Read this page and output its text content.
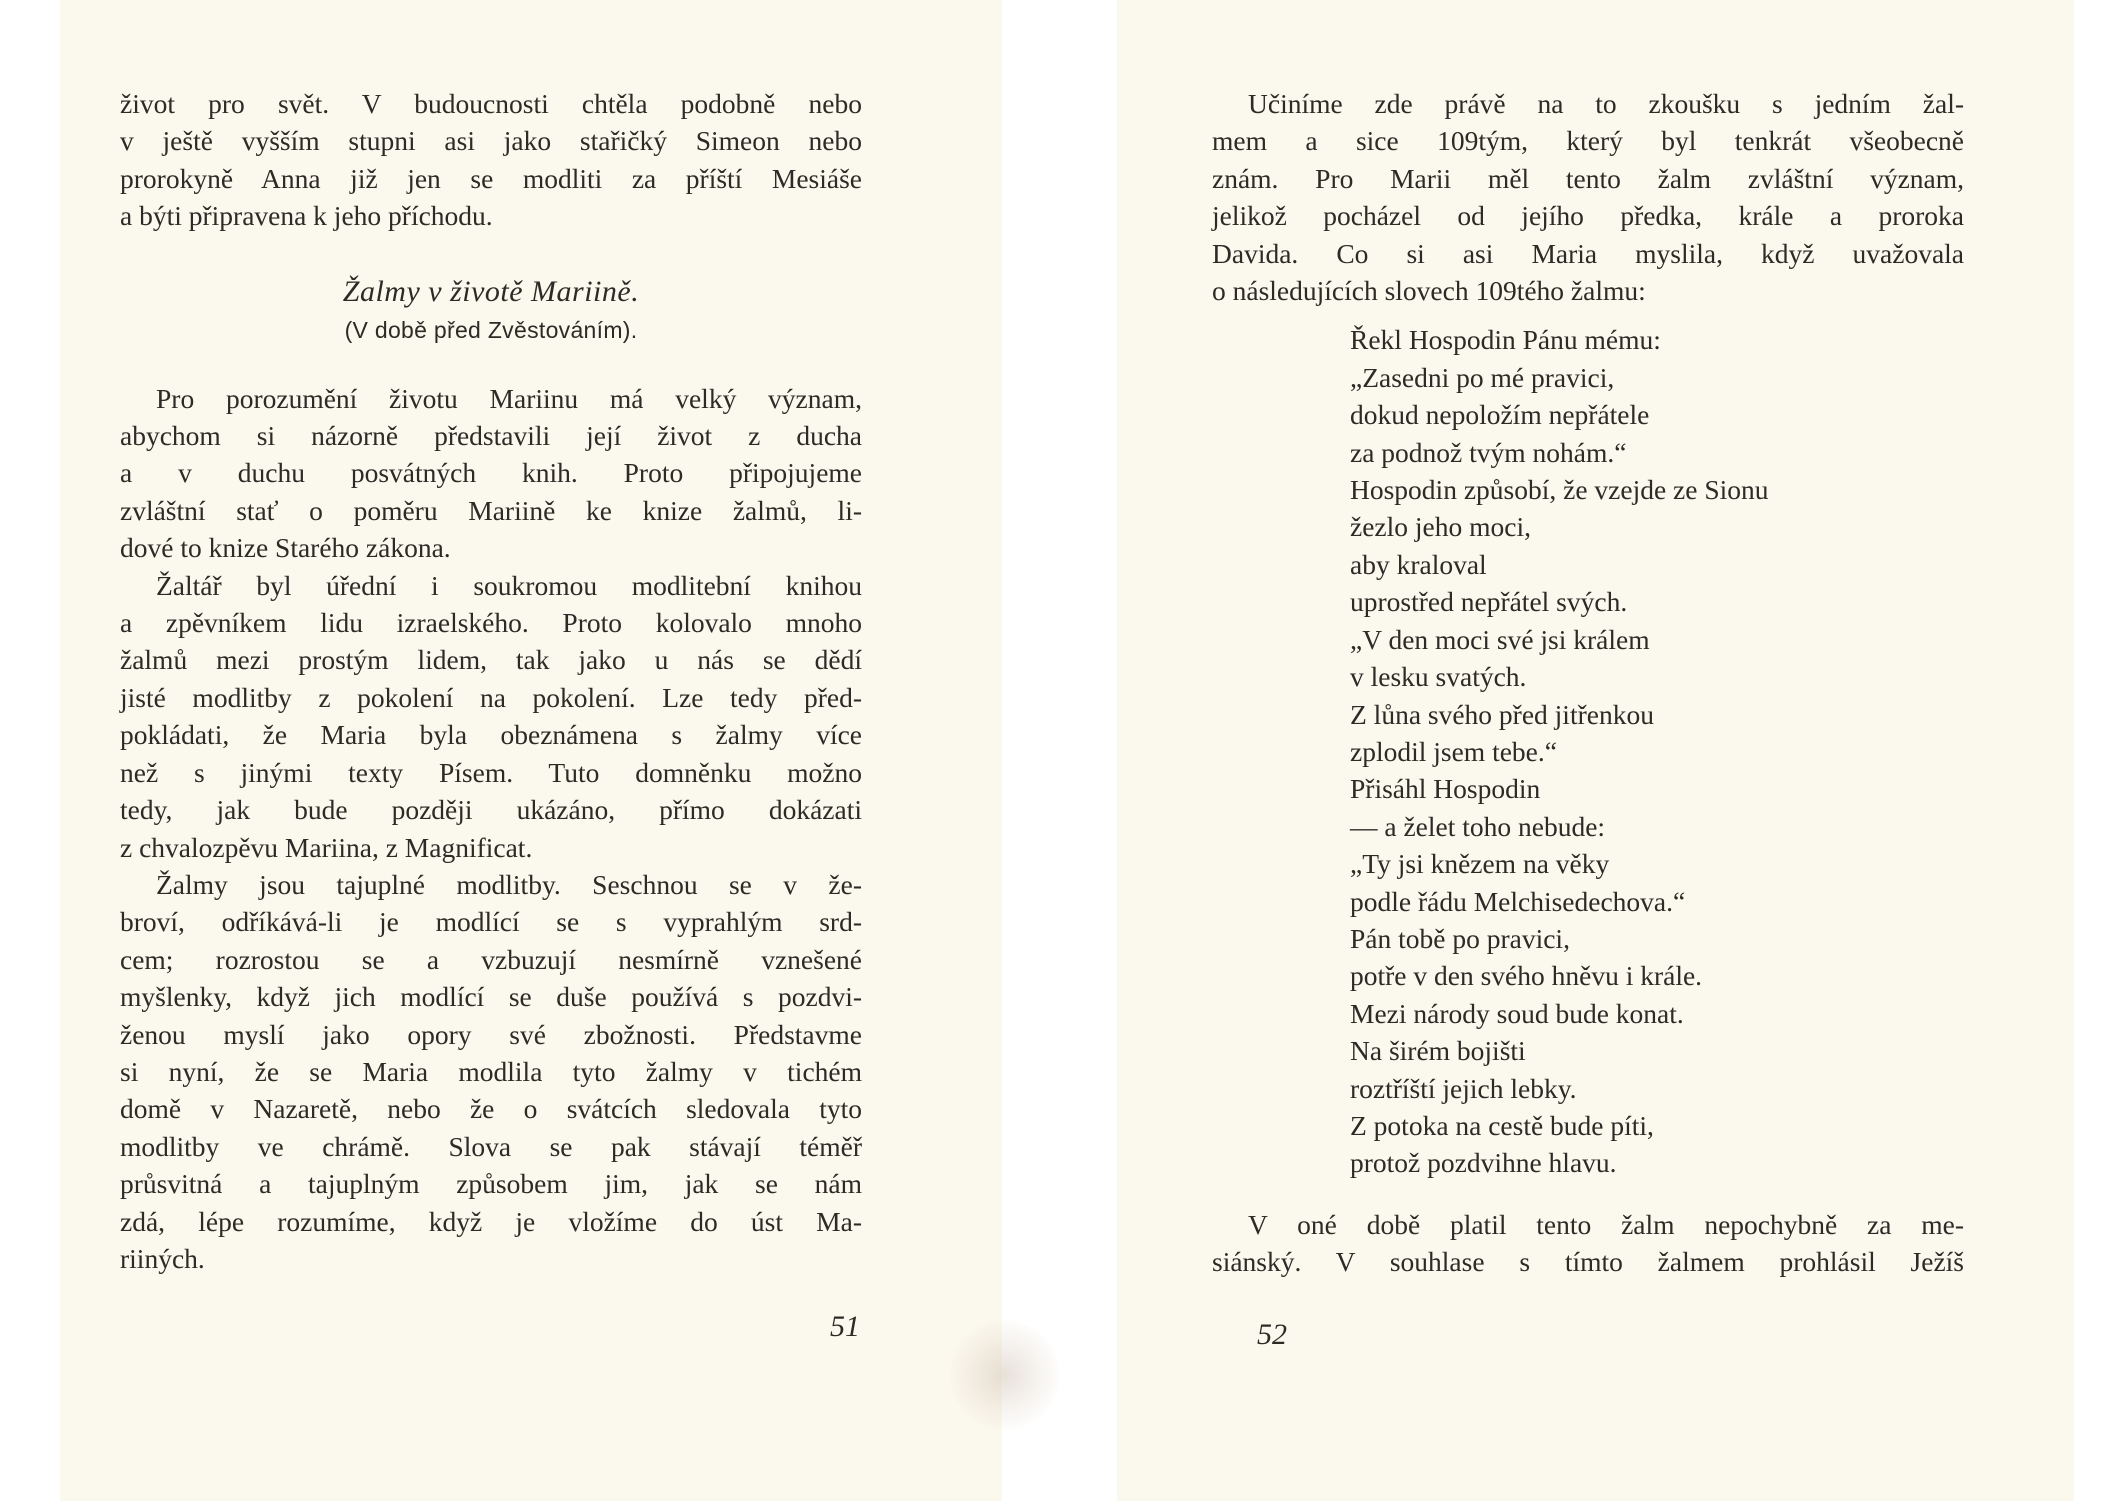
život pro svět. V budoucnosti chtěla podobně nebo
v ještě vyšším stupni asi jako stařičký Simeon nebo
prorokyně Anna již jen se modliti za příští Mesiáše
a býti připravena k jeho příchodu.

Žalmy v životě Mariině.
(V době před Zvěstováním).

Pro porozumění životu Mariinu má velký význam,
abychom si názorně představili její život z ducha
a v duchu posvátných knih. Proto připojujeme
zvláštní stať o poměru Mariině ke knize žalmů, li-
dové to knize Starého zákona.

Žaltář byl úřední i soukromou modlitební knihou
a zpěvníkem lidu izraelského. Proto kolovalo mnoho
žalmů mezi prostým lidem, tak jako u nás se dědí
jisté modlitby z pokolení na pokolení. Lze tedy před-
pokládati, že Maria byla obeznámena s žalmy více
než s jinými texty Písem. Tuto domněnku možno
tedy, jak bude později ukázáno, přímo dokázati
z chvalozpěvu Mariina, z Magnificat.

Žalmy jsou tajuplné modlitby. Seschnou se v že-
broví, odříkává-li je modlící se s vyprahlým srd-
cem; rozrostou se a vzbuzují nesmírně vznešené
myšlenky, když jich modlící se duše používá s pozdvi-
ženou myslí jako opory své zbožnosti. Představme
si nyní, že se Maria modlila tyto žalmy v tichém
domě v Nazaretě, nebo že o svátcích sledovala tyto
modlitby ve chrámě. Slova se pak stávají téměř
průsvitná a tajuplným způsobem jim, jak se nám
zdá, lépe rozumíme, když je vložíme do úst Ma-
riiných.

51

Učiníme zde právě na to zkoušku s jedním žal-
mem a sice 109tým, který byl tenkrát všeobecně
znám. Pro Marii měl tento žalm zvláštní význam,
jelikož pocházel od jejího předka, krále a proroka
Davida. Co si asi Maria myslila, když uvažovala
o následujících slovech 109tého žalmu:

Řekl Hospodin Pánu mému:
„Zasedni po mé pravici,
dokud nepoložím nepřátele
za podnož tvým nohám.“
Hospodin způsobí, že vzejde ze Sionu
žezlo jeho moci,
aby kraloval
uprostřed nepřátel svých.
„V den moci své jsi králem
v lesku svatých.
Z lůna svého před jitřenkou
zplodil jsem tebe.“
Přisáhl Hospodin
— a želet toho nebude:
„Ty jsi knězem na věky
podle řádu Melchisedechova.“
Pán tobě po pravici,
potře v den svého hněvu i krále.
Mezi národy soud bude konat.
Na širém bojišti
roztříští jejich lebky.
Z potoka na cestě bude píti,
protož pozdvihne hlavu.

V oné době platil tento žalm nepochybně za me-
siánský. V souhlase s tímto žalmem prohlásil Ježíš

52
